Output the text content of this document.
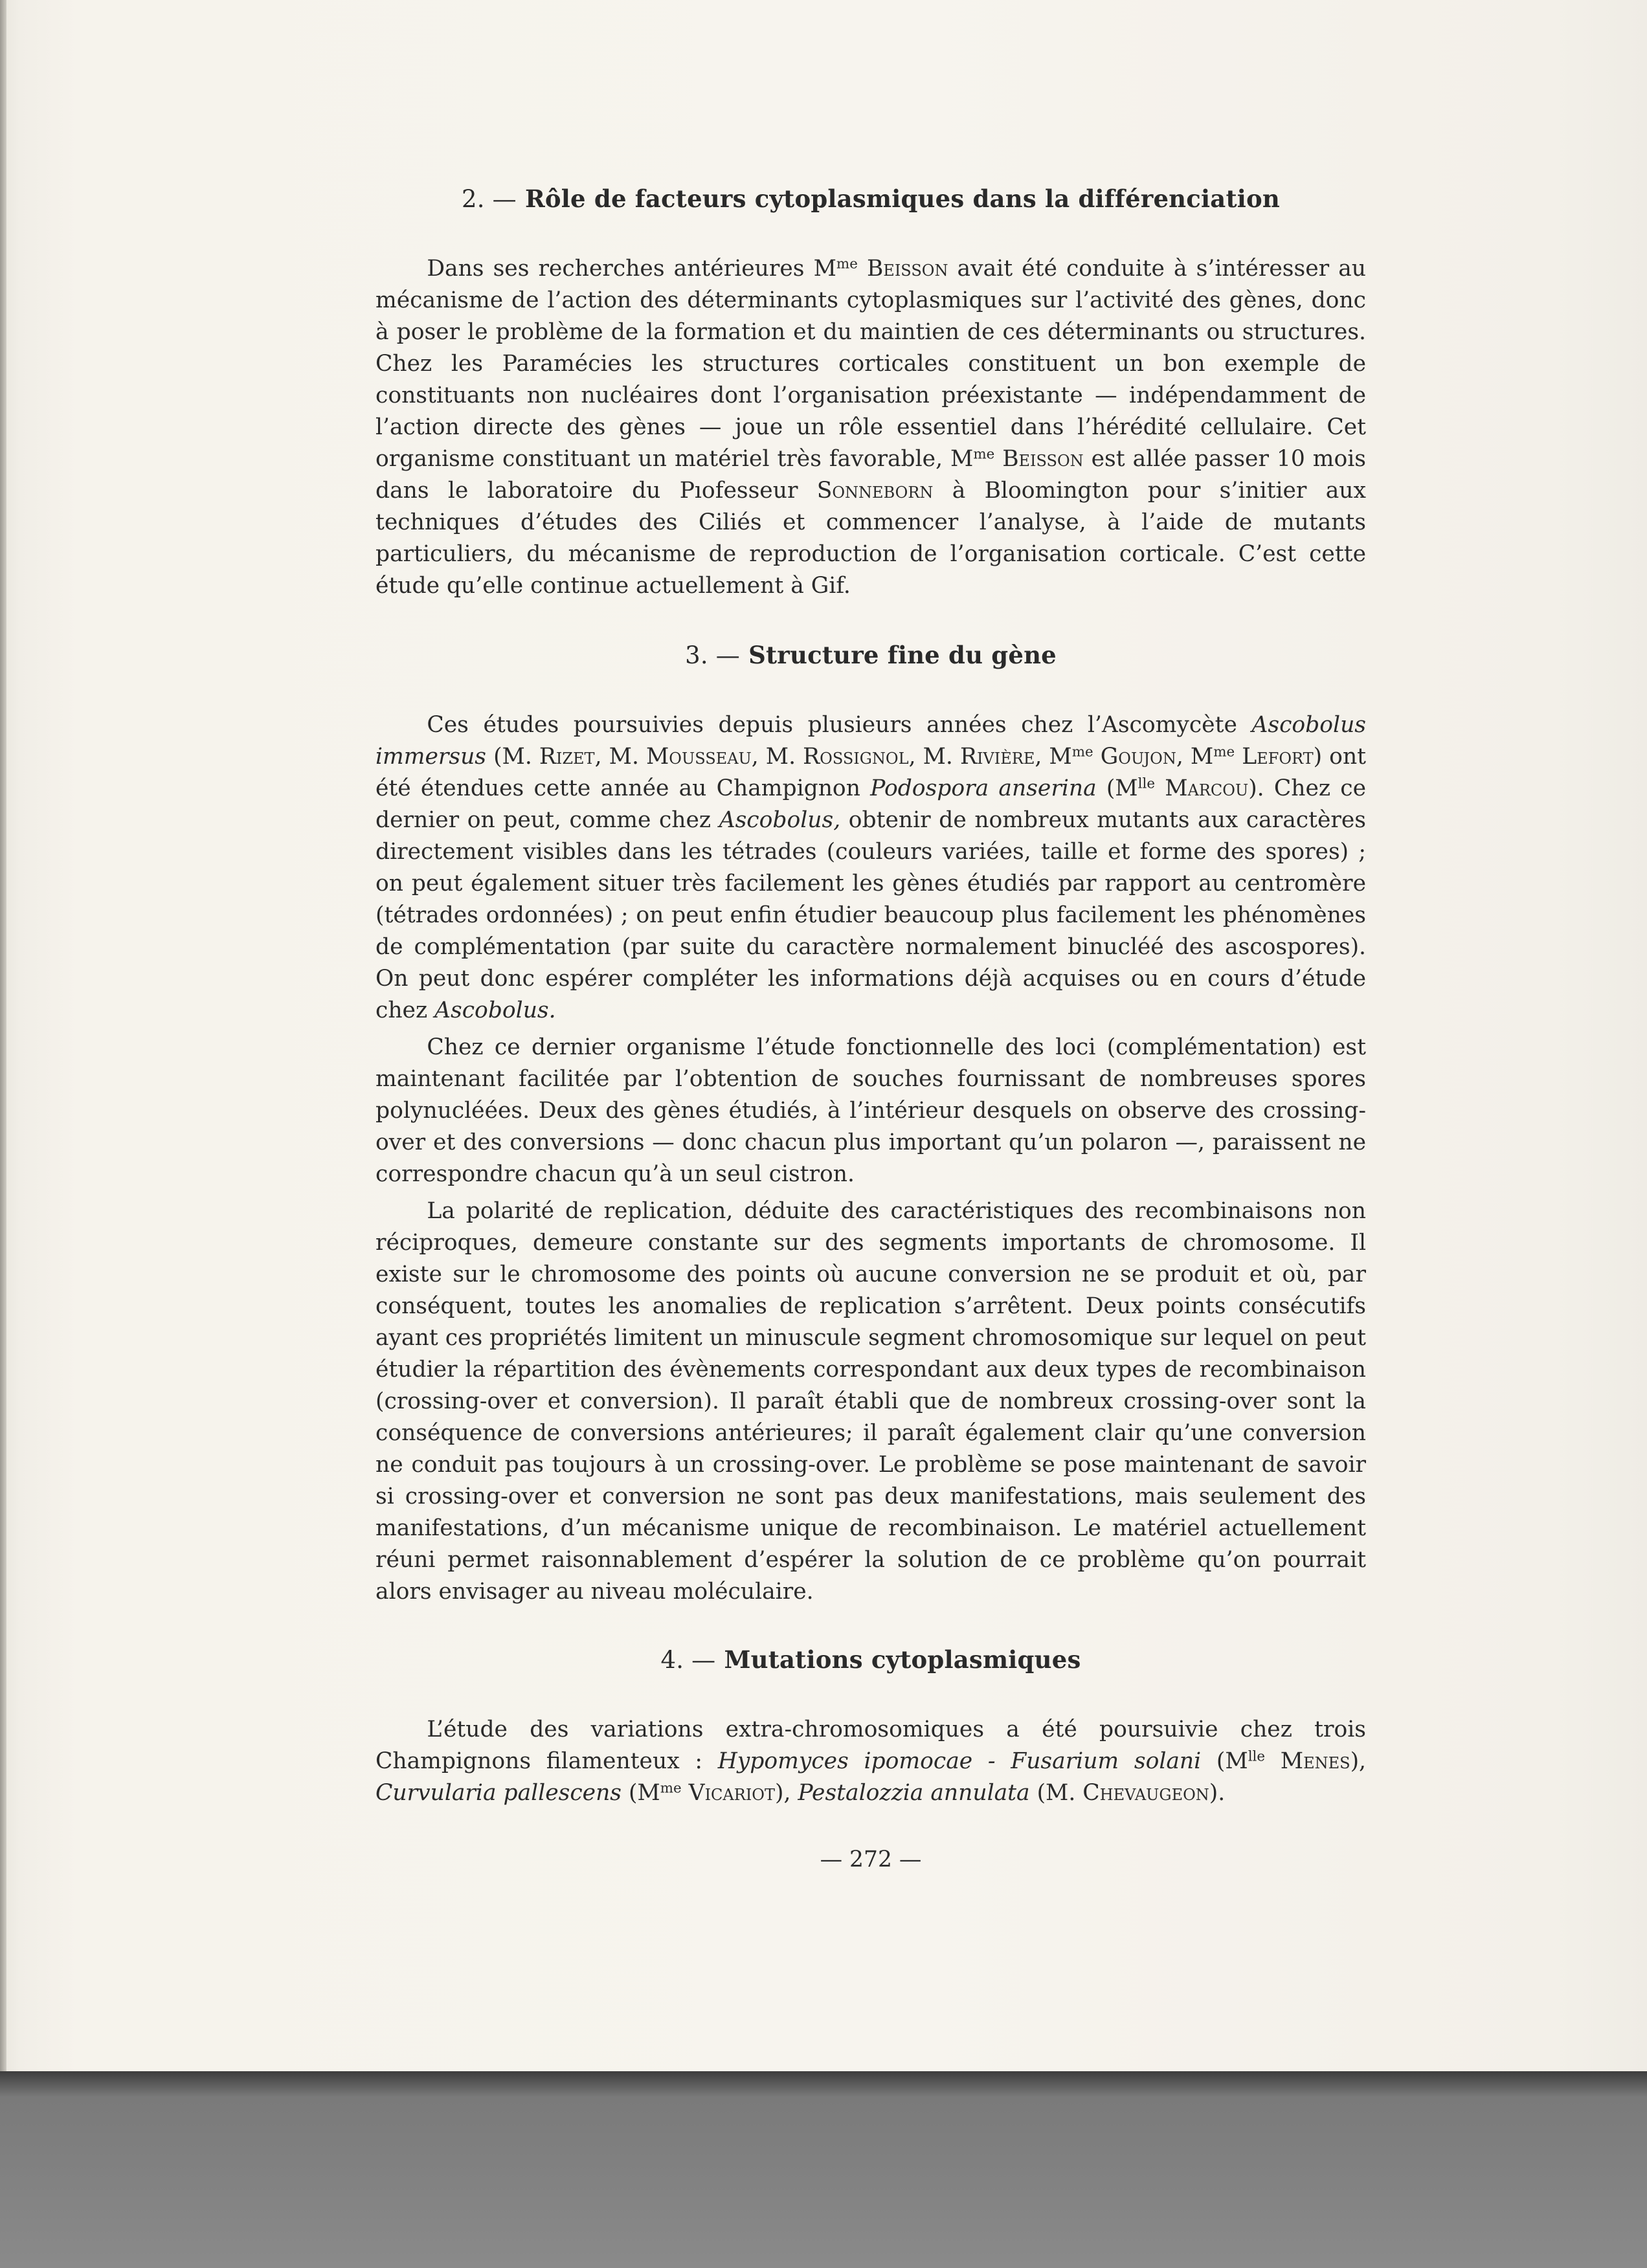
2. — Rôle de facteurs cytoplasmiques dans la différenciation

Dans ses recherches antérieures $M^{me}$ Beisson avait été conduite à s’intéresser au mécanisme de l’action des déterminants cytoplasmiques sur l’activité des gènes, donc à poser le problème de la formation et du maintien de ces déterminants ou structures. Chez les Paramécies les structures corticales constituent un bon exemple de constituants non nucléaires dont l’organisation préexistante — indépendamment de l’action directe des gènes — joue un rôle essentiel dans l’hérédité cellulaire. Cet organisme constituant un matériel très favorable, $M^{me}$ Beisson est allée passer 10 mois dans le laboratoire du Pıofesseur Sonneborn à Bloomington pour s’initier aux techniques d’études des Ciliés et commencer l’analyse, à l’aide de mutants particuliers, du mécanisme de reproduction de l’organisation corticale. C’est cette étude qu’elle continue actuellement à Gif.

3. — Structure fine du gène

Ces études poursuivies depuis plusieurs années chez l’Ascomycète Ascobolus immersus (M. Rizet, M. Mousseau, M. Rossignol, M. Rivière, $M^{me}$ Goujon, $M^{me}$ Lefort) ont été étendues cette année au Champignon Podospora anserina ($M^{lle}$ Marcou). Chez ce dernier on peut, comme chez Ascobolus, obtenir de nombreux mutants aux caractères directement visibles dans les tétrades (couleurs variées, taille et forme des spores) ; on peut également situer très facilement les gènes étudiés par rapport au centromère (tétrades ordonnées) ; on peut enfin étudier beaucoup plus facilement les phénomènes de complémentation (par suite du caractère normalement binucléé des ascospores). On peut donc espérer compléter les informations déjà acquises ou en cours d’étude chez Ascobolus.

Chez ce dernier organisme l’étude fonctionnelle des loci (complémentation) est maintenant facilitée par l’obtention de souches fournissant de nombreuses spores polynucléées. Deux des gènes étudiés, à l’intérieur desquels on observe des crossing-over et des conversions — donc chacun plus important qu’un polaron —, paraissent ne correspondre chacun qu’à un seul cistron.

La polarité de replication, déduite des caractéristiques des recombinaisons non réciproques, demeure constante sur des segments importants de chromosome. Il existe sur le chromosome des points où aucune conversion ne se produit et où, par conséquent, toutes les anomalies de replication s’arrêtent. Deux points consécutifs ayant ces propriétés limitent un minuscule segment chromosomique sur lequel on peut étudier la répartition des évènements correspondant aux deux types de recombinaison (crossing-over et conversion). Il paraît établi que de nombreux crossing-over sont la conséquence de conversions antérieures; il paraît également clair qu’une conversion ne conduit pas toujours à un crossing-over. Le problème se pose maintenant de savoir si crossing-over et conversion ne sont pas deux manifestations, mais seulement des manifestations, d’un mécanisme unique de recombinaison. Le matériel actuellement réuni permet raisonnablement d’espérer la solution de ce problème qu’on pourrait alors envisager au niveau moléculaire.

4. — Mutations cytoplasmiques

L’étude des variations extra-chromosomiques a été poursuivie chez trois Champignons filamenteux : Hypomyces ipomocae - Fusarium solani ($M^{lle}$ Menes), Curvularia pallescens ($M^{me}$ Vicariot), Pestalozzia annulata (M. Chevaugeon).

— 272 —
